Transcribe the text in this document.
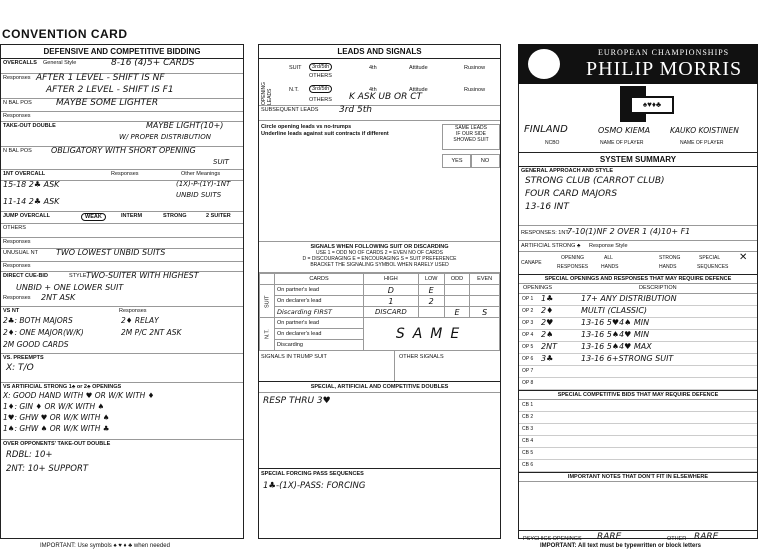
CONVENTION CARD
DEFENSIVE AND COMPETITIVE BIDDING
OVERCALLS General Style	8-16 (4)5+ CARDS
Responses AFTER 1 LEVEL - SHIFT IS NF
AFTER 2 LEVEL - SHIFT IS F1
N BAL POS	MAYBE SOME LIGHTER
Responses
TAKE-OUT DOUBLE	MAYBE LIGHT(10+)
W/ PROPER DISTRIBUTION
N BAL POS OBLIGATORY WITH SHORT OPENING
SUIT
1NT OVERCALL	Responses	Other Meanings
15-18 2♣ ASK
11-14 2♣ ASK
(1X)-P-(1Y)-1NT
UNBID SUITS
JUMP OVERCALL	WEAK	INTERM	STRONG	2 SUITER
OTHERS
Responses
UNUSUAL NT TWO LOWEST UNBID SUITS
Responses
DIRECT CUE-BID	STYLE TWO-SUITER WITH HIGHEST
UNBID + ONE LOWER SUIT
Responses 2NT ASK
VS NT	Responses
2♣: BOTH MAJORS	2♦ RELAY
2♦: ONE MAJOR(W/K)	2M P/C 2NT ASK
2M GOOD CARDS
VS. PREEMPTS
X: T/O
VS ARTIFICIAL STRONG 1♣ or 2♣ OPENINGS
X: GOOD HAND WITH ♥ OR W/K WITH ♦
1♦: GIN ♦ OR W/K WITH ♠
1♥: GHW ♥ OR W/K WITH ♠
1♠: GHW ♠ OR W/K WITH ♣
OVER OPPONENTS' TAKE-OUT DOUBLE
RDBL: 10+
2NT: 10+ SUPPORT
IMPORTANT: Use symbols ♠ ♥ ♦ ♣ when needed
LEADS AND SIGNALS
OPENING LEADS
SUIT	3rd/5th	4th	Attitude	Rusinow
OTHERS
N.T.	3rd/5th	4th	Attitude	Rusinow
OTHERS K ASK UB OR CT
SUBSEQUENT LEADS 3rd 5th
Circle opening leads vs no-trumps
Underline leads against suit contracts if different
SAME LEADS
IF OUR SIDE
SHOWED SUIT
YES	NO
SIGNALS WHEN FOLLOWING SUIT OR DISCARDING
USE 1 = ODD NO OF CARDS 2 = EVEN NO OF CARDS
D = DISCOURAGING E = ENCOURAGING S = SUIT PREFERENCE
BRACKET THE SIGNALING SYMBOL WHEN RARELY USED
	CARDS	HIGH	LOW	ODD	EVEN
SUIT	On partner's lead	D	E		
	On declarer's lead	1	2		
	Discarding FIRST	DISCARD		E	S
N.T.	On partner's lead	SAME			
	On declarer's lead				
	Discarding				
SIGNALS IN TRUMP SUIT	OTHER SIGNALS
SPECIAL, ARTIFICIAL AND COMPETITIVE DOUBLES
RESP THRU 3♥
SPECIAL FORCING PASS SEQUENCES
1♣-(1X)-PASS: FORCING
EUROPEAN CHAMPIONSHIPS
PHILIP MORRIS
♠♥♦♣
FINLAND	OSMO KIEMA	KAUKO KOISTINEN
NCBO	NAME OF PLAYER	NAME OF PLAYER
SYSTEM SUMMARY
GENERAL APPROACH AND STYLE
STRONG CLUB (CARROT CLUB)
FOUR CARD MAJORS
13-16 INT
RESPONSES: 1NT
7-10(1)NF 2 OVER 1 (4)10+ F1
ARTIFICIAL STRONG ♣ Response Style
CANAPE
OPENING
RESPONSES
ALL
HANDS
STRONG
HANDS
SPECIAL
SEQUENCES
✕
SPECIAL OPENINGS AND RESPONSES THAT MAY REQUIRE DEFENCE
OPENINGS	DESCRIPTION
OP 1 1♣	17+ ANY DISTRIBUTION
OP 2 2♦	MULTI (CLASSIC)
OP 3 2♥	13-16 5♥4♠ MIN
OP 4 2♠	13-16 5♠4♥ MIN
OP 5 2NT	13-16 5♠4♥ MAX
OP 6 3♣	13-16 6+STRONG SUIT
OP 7
OP 8
SPECIAL COMPETITIVE BIDS THAT MAY REQUIRE DEFENCE
CB 1
CB 2
CB 3
CB 4
CB 5
CB 6
IMPORTANT NOTES THAT DON'T FIT IN ELSEWHERE
PSYCHICS OPENINGS RARE	OTHER RARE
IMPORTANT: All text must be typewritten or block letters
